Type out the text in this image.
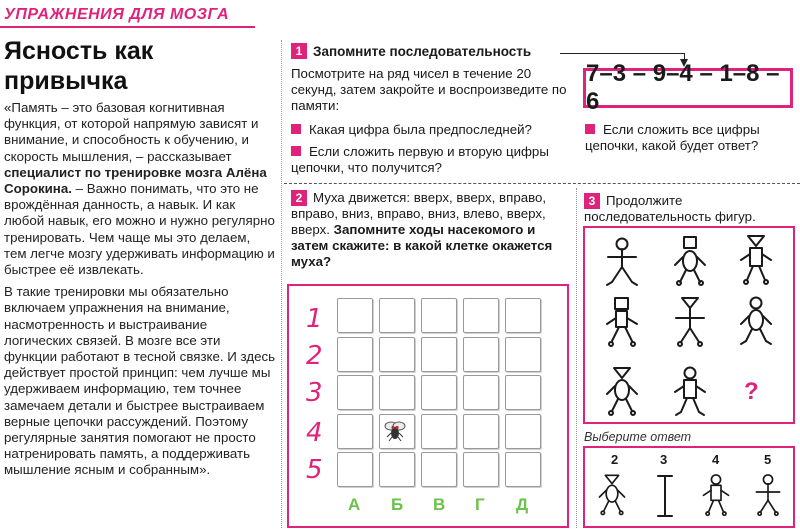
УПРАЖНЕНИЯ ДЛЯ МОЗГА
Ясность как привычка

«Память – это базовая когнитивная функция, от которой напрямую зависят и внимание, и способность к обучению, и скорость мышления, – рассказывает специалист по тренировке мозга Алёна Сорокина. – Важно понимать, что это не врождённая данность, а навык. И как любой навык, его можно и нужно регулярно тренировать. Чем чаще мы это делаем, тем легче мозгу удерживать информацию и быстрее её извлекать.

В такие тренировки мы обязательно включаем упражнения на внимание, насмотренность и выстраивание логических связей. В мозге все эти функции работают в тесной связке. И здесь действует простой принцип: чем лучше мы удерживаем информацию, тем точнее замечаем детали и быстрее выстраиваем верные цепочки рассуждений. Поэтому регулярные занятия помогают не просто натренировать память, а поддерживать мышление ясным и собранным».

1 Запомните последовательность
Посмотрите на ряд чисел в течение 20 секунд, затем закройте и воспроизведите по памяти:
7–3 – 9–4 – 1–8 – 6
Какая цифра была предпоследней?
Если сложить первую и вторую цифры цепочки, что получится?
Если сложить все цифры цепочки, какой будет ответ?
2 Муха движется: вверх, вверх, вправо, вправо, вниз, вправо, вниз, влево, вверх, вверх. Запомните ходы насекомого и затем скажите: в какой клетке окажется муха?
1
2
3
4
5
А Б В Г Д
3 Продолжите последовательность фигур.
?
Выберите ответ
2	3	4	5
